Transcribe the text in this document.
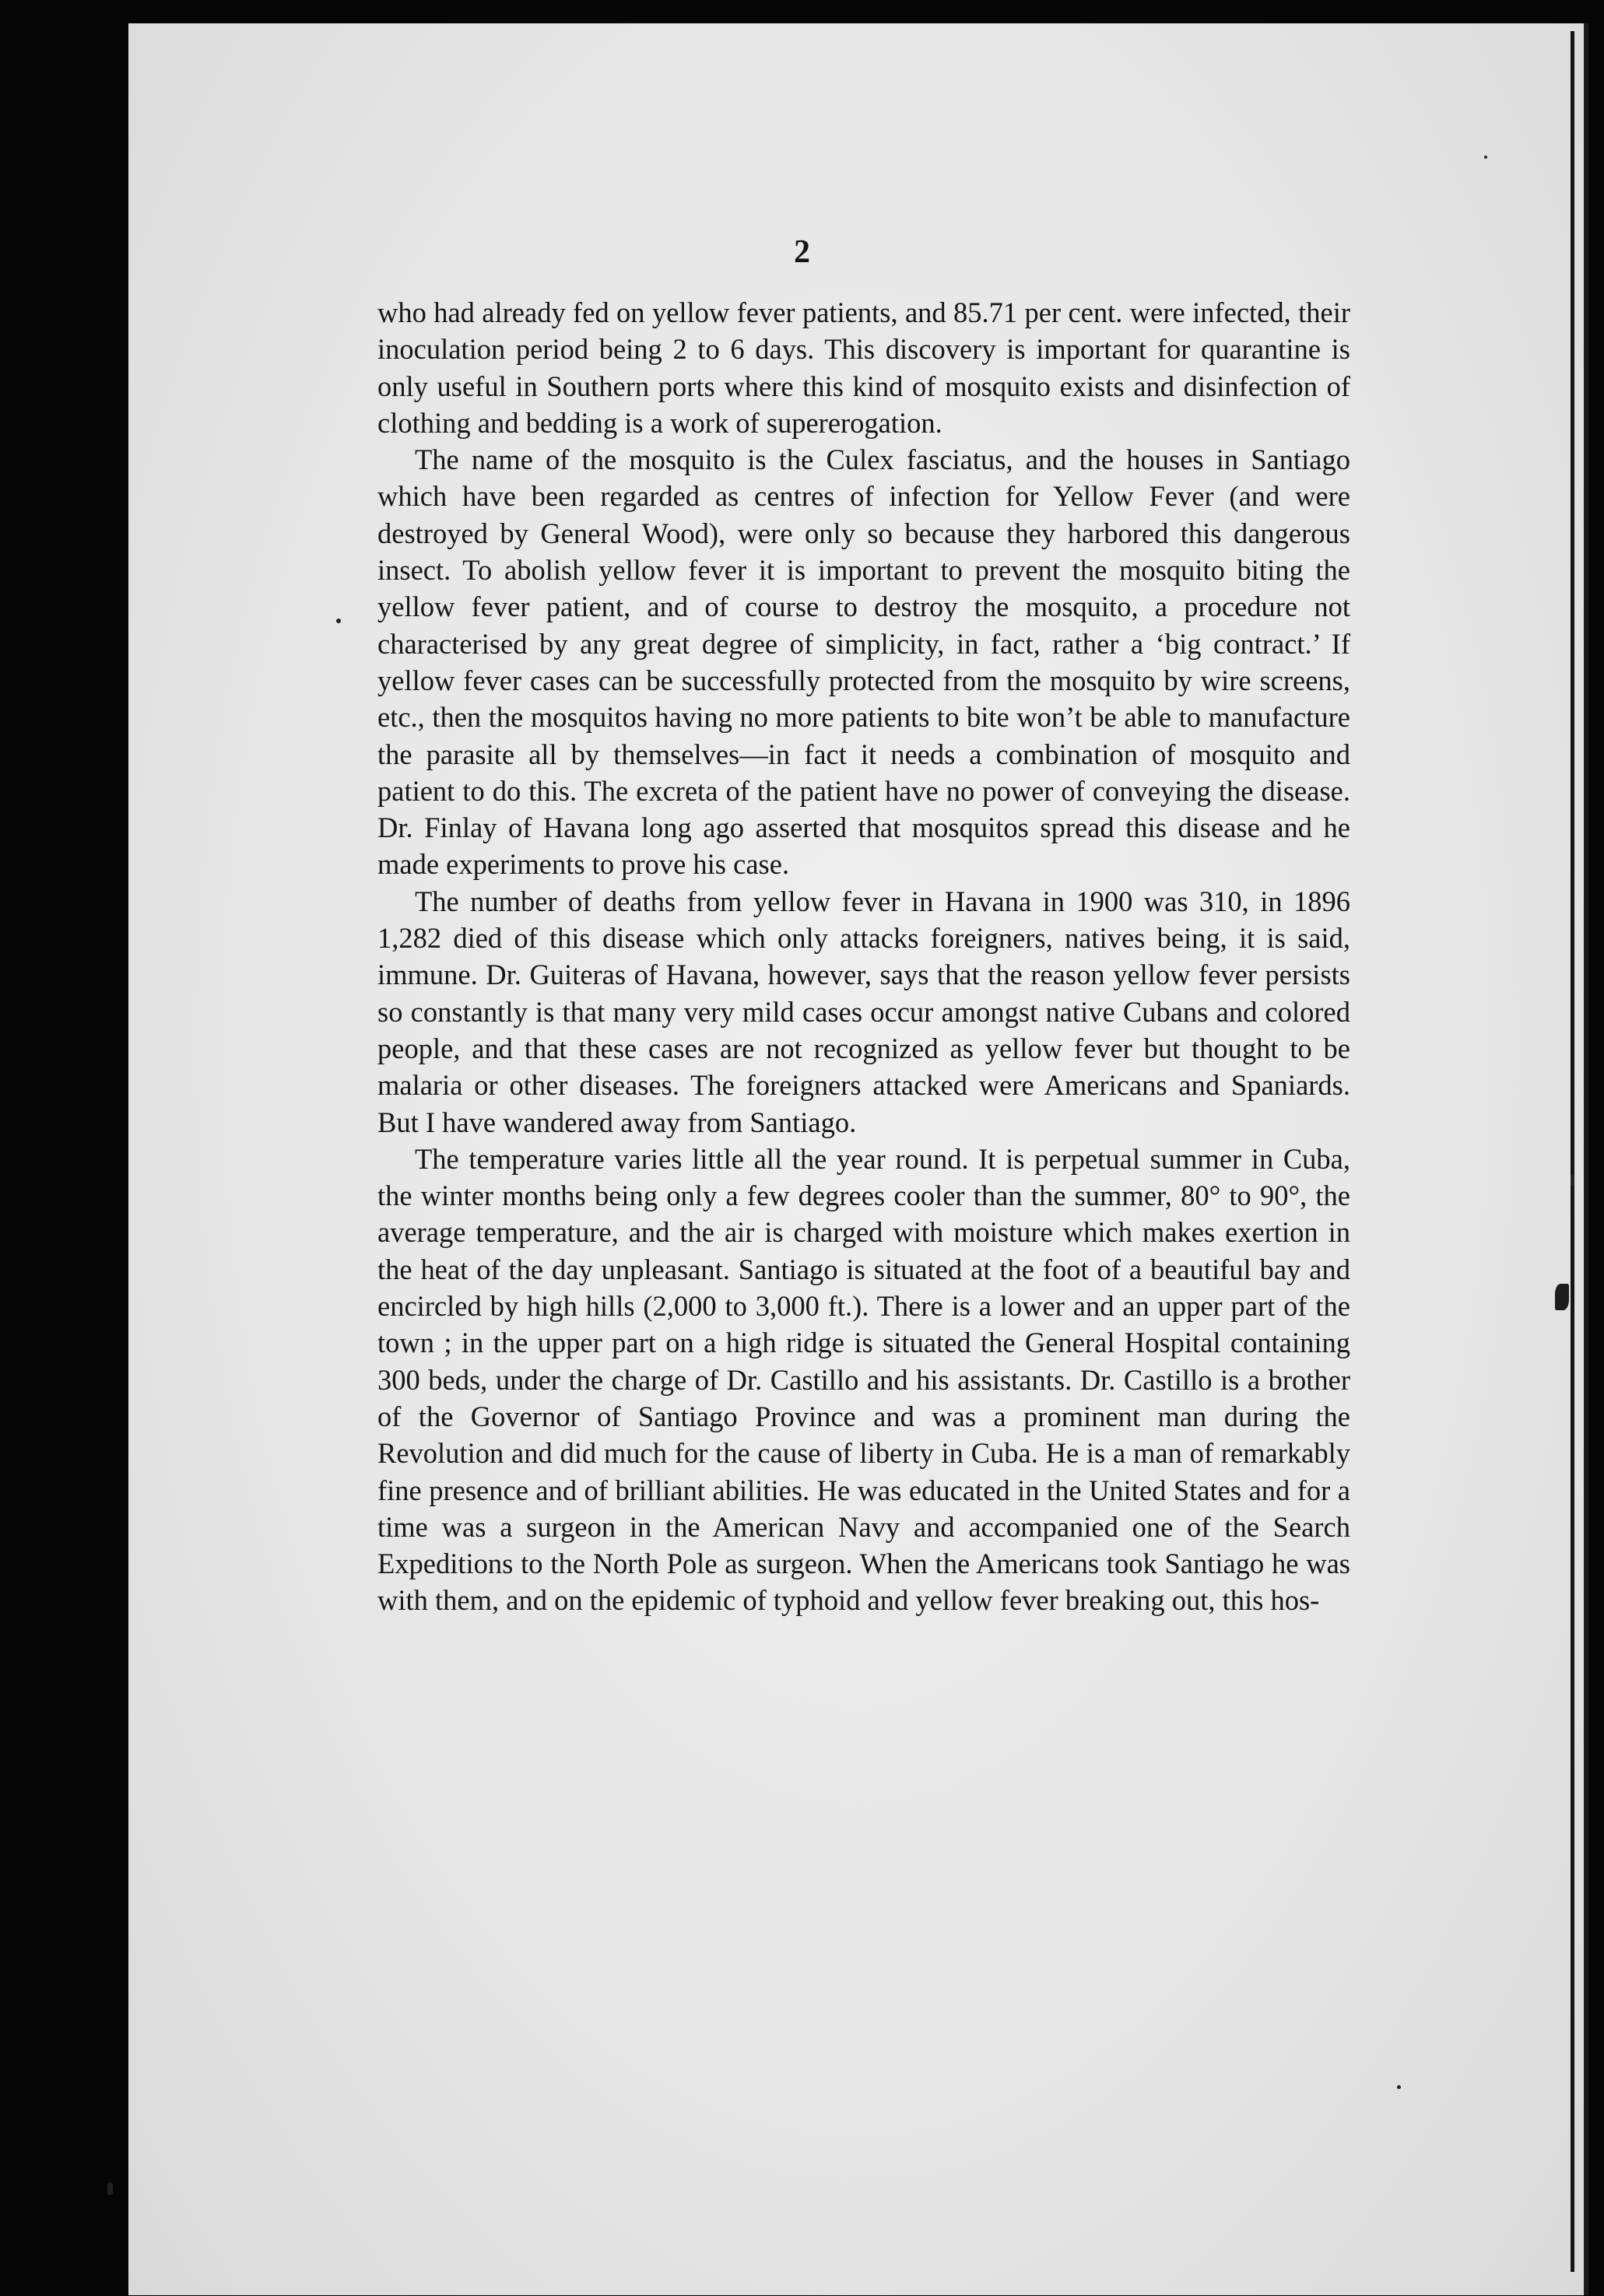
2

who had already fed on yellow fever patients, and 85.71 per cent. were infected, their inoculation period being 2 to 6 days. This discovery is important for quarantine is only useful in Southern ports where this kind of mosquito exists and disinfection of clothing and bedding is a work of supererogation.

The name of the mosquito is the Culex fasciatus, and the houses in Santiago which have been regarded as centres of infection for Yellow Fever (and were destroyed by General Wood), were only so because they harbored this dangerous insect. To abolish yellow fever it is important to prevent the mosquito biting the yellow fever patient, and of course to destroy the mosquito, a procedure not characterised by any great degree of simplicity, in fact, rather a ‘big contract.’ If yellow fever cases can be successfully protected from the mosquito by wire screens, etc., then the mosquitos having no more patients to bite won’t be able to manufacture the parasite all by themselves—in fact it needs a combination of mosquito and patient to do this. The excreta of the patient have no power of conveying the disease. Dr. Finlay of Havana long ago asserted that mosquitos spread this disease and he made experiments to prove his case.

The number of deaths from yellow fever in Havana in 1900 was 310, in 1896 1,282 died of this disease which only attacks foreigners, natives being, it is said, immune. Dr. Guiteras of Havana, however, says that the reason yellow fever persists so constantly is that many very mild cases occur amongst native Cubans and colored people, and that these cases are not recognized as yellow fever but thought to be malaria or other diseases. The foreigners attacked were Americans and Spaniards. But I have wandered away from Santiago.

The temperature varies little all the year round. It is perpetual summer in Cuba, the winter months being only a few degrees cooler than the summer, 80° to 90°, the average temperature, and the air is charged with moisture which makes exertion in the heat of the day unpleasant. Santiago is situated at the foot of a beautiful bay and encircled by high hills (2,000 to 3,000 ft.). There is a lower and an upper part of the town ; in the upper part on a high ridge is situated the General Hospital containing 300 beds, under the charge of Dr. Castillo and his assistants. Dr. Castillo is a brother of the Governor of Santiago Province and was a prominent man during the Revolution and did much for the cause of liberty in Cuba. He is a man of remarkably fine presence and of brilliant abilities. He was educated in the United States and for a time was a surgeon in the American Navy and accompanied one of the Search Expeditions to the North Pole as surgeon. When the Americans took Santiago he was with them, and on the epidemic of typhoid and yellow fever breaking out, this hos-
